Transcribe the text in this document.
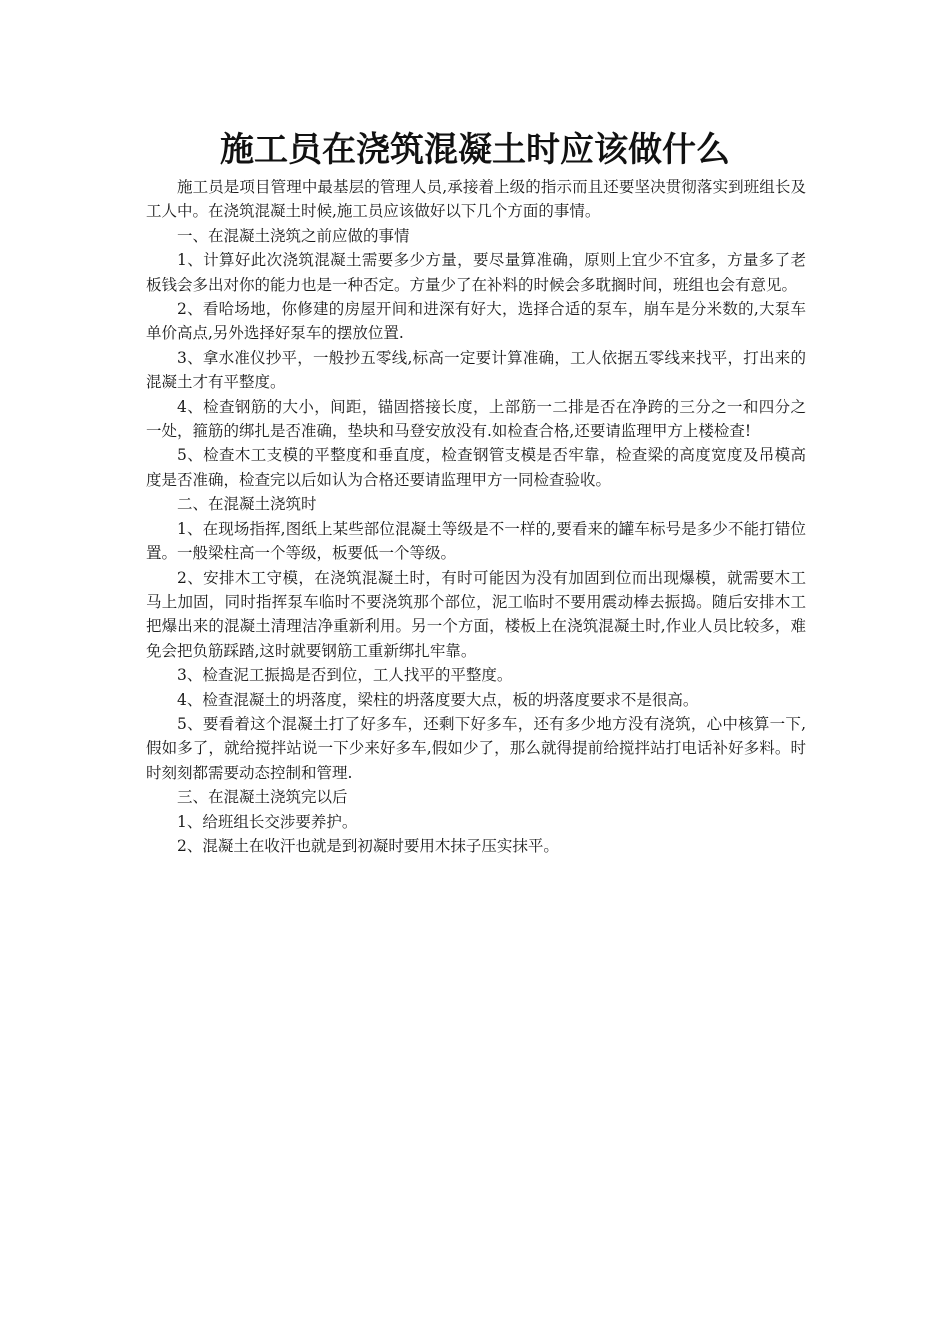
施工员在浇筑混凝土时应该做什么

施工员是项目管理中最基层的管理人员,承接着上级的指示而且还要坚决贯彻落实到班组长及工人中。在浇筑混凝土时候,施工员应该做好以下几个方面的事情。

一、在混凝土浇筑之前应做的事情

1、计算好此次浇筑混凝土需要多少方量，要尽量算准确，原则上宜少不宜多，方量多了老板钱会多出对你的能力也是一种否定。方量少了在补料的时候会多耽搁时间，班组也会有意见。

2、看哈场地，你修建的房屋开间和进深有好大，选择合适的泵车，崩车是分米数的,大泵车单价高点,另外选择好泵车的摆放位置.

3、拿水准仪抄平，一般抄五零线,标高一定要计算准确，工人依据五零线来找平，打出来的混凝土才有平整度。

4、检查钢筋的大小，间距，锚固搭接长度，上部筋一二排是否在净跨的三分之一和四分之一处，箍筋的绑扎是否准确，垫块和马登安放没有.如检查合格,还要请监理甲方上楼检查!

5、检查木工支模的平整度和垂直度，检查钢管支模是否牢靠，检查梁的高度宽度及吊模高度是否准确，检查完以后如认为合格还要请监理甲方一同检查验收。

二、在混凝土浇筑时

1、在现场指挥,图纸上某些部位混凝土等级是不一样的,要看来的罐车标号是多少不能打错位置。一般梁柱高一个等级，板要低一个等级。

2、安排木工守模，在浇筑混凝土时，有时可能因为没有加固到位而出现爆模，就需要木工马上加固，同时指挥泵车临时不要浇筑那个部位，泥工临时不要用震动棒去振捣。随后安排木工把爆出来的混凝土清理洁净重新利用。另一个方面，楼板上在浇筑混凝土时,作业人员比较多，难免会把负筋踩踏,这时就要钢筋工重新绑扎牢靠。

3、检查泥工振捣是否到位，工人找平的平整度。

4、检查混凝土的坍落度，梁柱的坍落度要大点，板的坍落度要求不是很高。

5、要看着这个混凝土打了好多车，还剩下好多车，还有多少地方没有浇筑，心中核算一下,假如多了，就给搅拌站说一下少来好多车,假如少了，那么就得提前给搅拌站打电话补好多料。时时刻刻都需要动态控制和管理.

三、在混凝土浇筑完以后

1、给班组长交涉要养护。

2、混凝土在收汗也就是到初凝时要用木抹子压实抹平。
